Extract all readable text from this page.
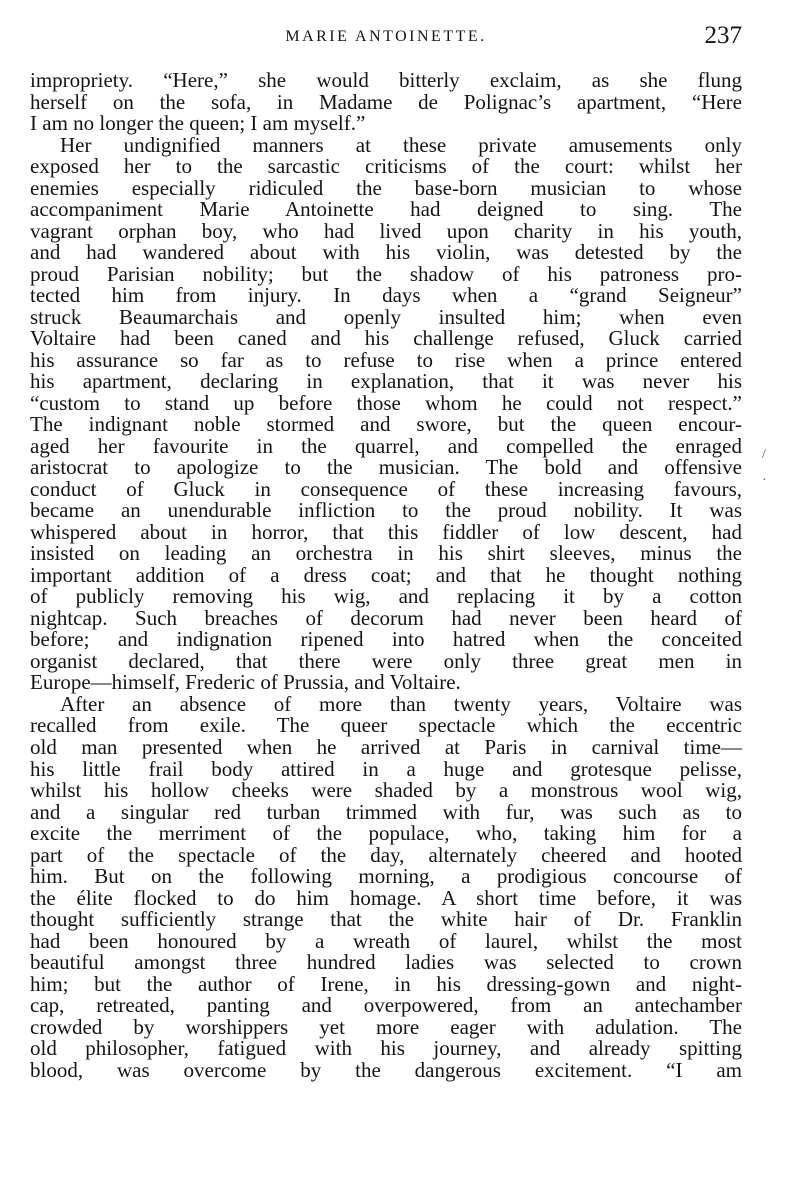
MARIE ANTOINETTE.	237
impropriety. “Here,” she would bitterly exclaim, as she flung
herself on the sofa, in Madame de Polignac’s apartment, “Here
I am no longer the queen; I am myself.”
Her undignified manners at these private amusements only
exposed her to the sarcastic criticisms of the court: whilst her
enemies especially ridiculed the base-born musician to whose
accompaniment Marie Antoinette had deigned to sing. The
vagrant orphan boy, who had lived upon charity in his youth,
and had wandered about with his violin, was detested by the
proud Parisian nobility; but the shadow of his patroness pro-
tected him from injury. In days when a “grand Seigneur”
struck Beaumarchais and openly insulted him; when even
Voltaire had been caned and his challenge refused, Gluck carried
his assurance so far as to refuse to rise when a prince entered
his apartment, declaring in explanation, that it was never his
“custom to stand up before those whom he could not respect.”
The indignant noble stormed and swore, but the queen encour-
aged her favourite in the quarrel, and compelled the enraged
aristocrat to apologize to the musician. The bold and offensive
conduct of Gluck in consequence of these increasing favours,
became an unendurable infliction to the proud nobility. It was
whispered about in horror, that this fiddler of low descent, had
insisted on leading an orchestra in his shirt sleeves, minus the
important addition of a dress coat; and that he thought nothing
of publicly removing his wig, and replacing it by a cotton
nightcap. Such breaches of decorum had never been heard of
before; and indignation ripened into hatred when the conceited
organist declared, that there were only three great men in
Europe—himself, Frederic of Prussia, and Voltaire.
After an absence of more than twenty years, Voltaire was
recalled from exile. The queer spectacle which the eccentric
old man presented when he arrived at Paris in carnival time—
his little frail body attired in a huge and grotesque pelisse,
whilst his hollow cheeks were shaded by a monstrous wool wig,
and a singular red turban trimmed with fur, was such as to
excite the merriment of the populace, who, taking him for a
part of the spectacle of the day, alternately cheered and hooted
him. But on the following morning, a prodigious concourse of
the élite flocked to do him homage. A short time before, it was
thought sufficiently strange that the white hair of Dr. Franklin
had been honoured by a wreath of laurel, whilst the most
beautiful amongst three hundred ladies was selected to crown
him; but the author of Irene, in his dressing-gown and night-
cap, retreated, panting and overpowered, from an antechamber
crowded by worshippers yet more eager with adulation. The
old philosopher, fatigued with his journey, and already spitting
blood, was overcome by the dangerous excitement. “I am
/
·
